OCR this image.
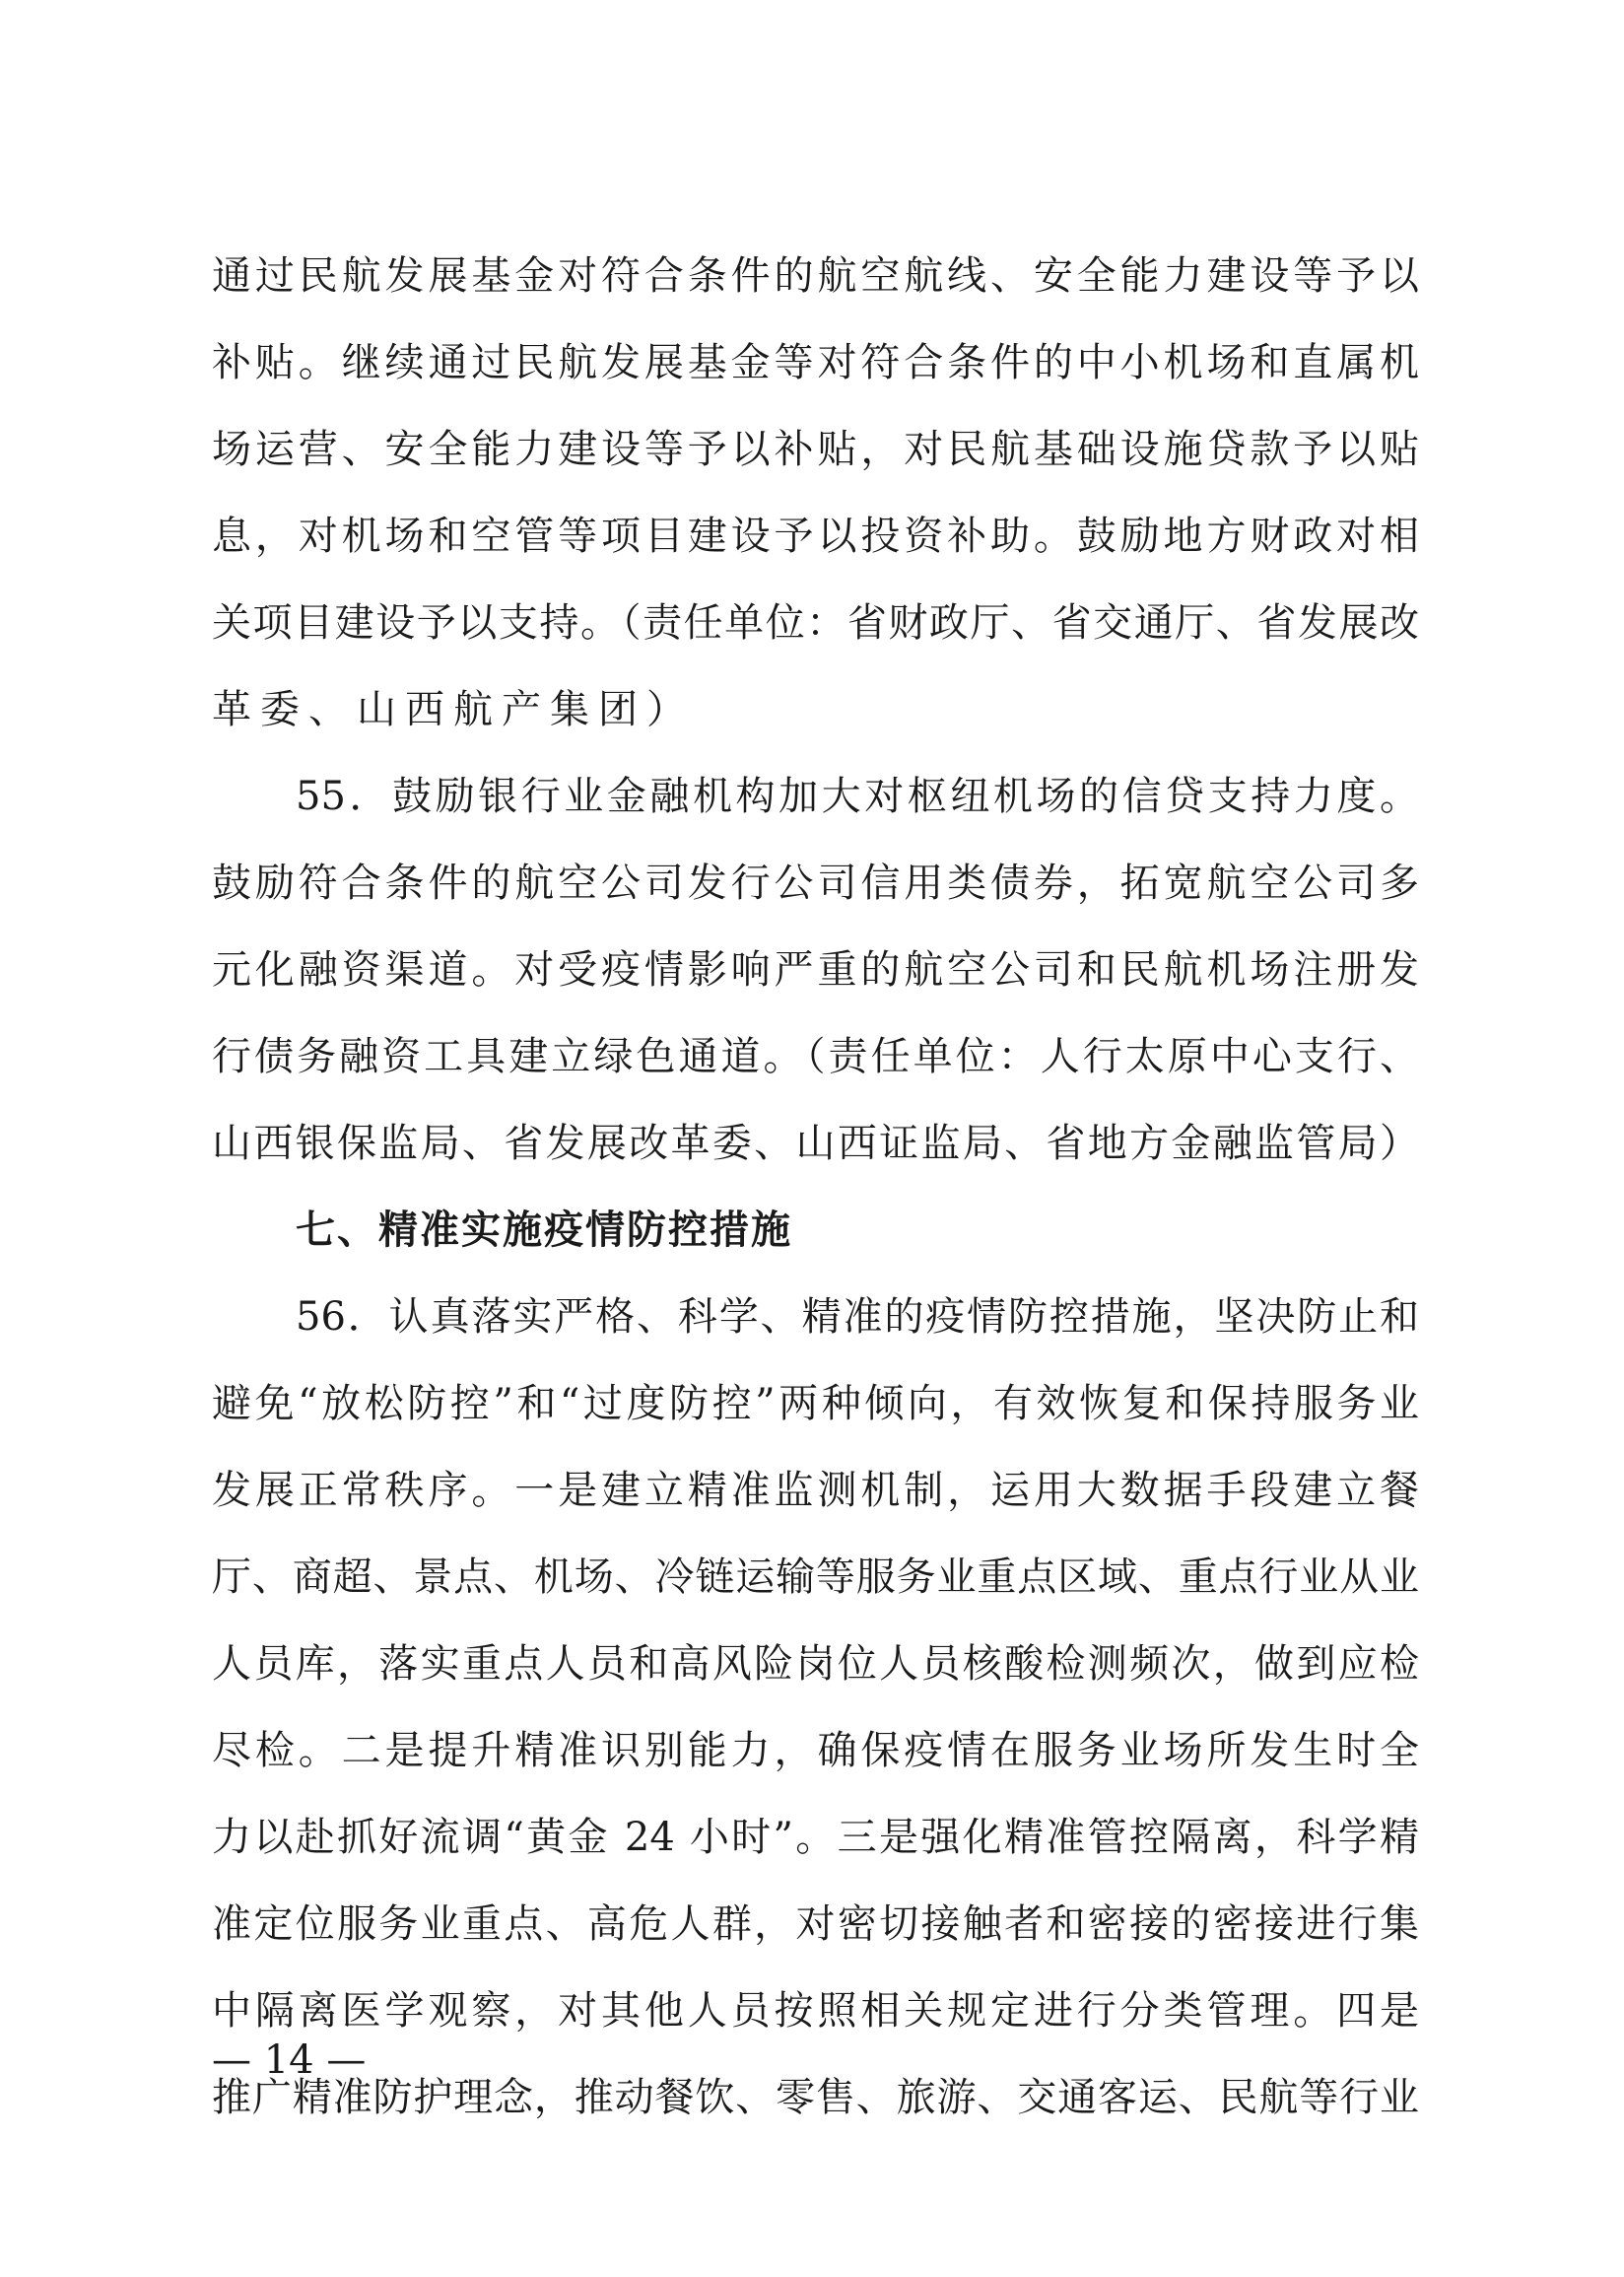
通过民航发展基金对符合条件的航空航线、安全能力建设等予以
补贴。继续通过民航发展基金等对符合条件的中小机场和直属机
场运营、安全能力建设等予以补贴，对民航基础设施贷款予以贴
息，对机场和空管等项目建设予以投资补助。鼓励地方财政对相
关项目建设予以支持。（责任单位：省财政厅、省交通厅、省发展改
革委、山西航产集团）
55．鼓励银行业金融机构加大对枢纽机场的信贷支持力度。
鼓励符合条件的航空公司发行公司信用类债券，拓宽航空公司多
元化融资渠道。对受疫情影响严重的航空公司和民航机场注册发
行债务融资工具建立绿色通道。（责任单位：人行太原中心支行、
山西银保监局、省发展改革委、山西证监局、省地方金融监管局）
七、精准实施疫情防控措施
56．认真落实严格、科学、精准的疫情防控措施，坚决防止和
避免“放松防控”和“过度防控”两种倾向，有效恢复和保持服务业
发展正常秩序。一是建立精准监测机制，运用大数据手段建立餐
厅、商超、景点、机场、冷链运输等服务业重点区域、重点行业从业
人员库，落实重点人员和高风险岗位人员核酸检测频次，做到应检
尽检。二是提升精准识别能力，确保疫情在服务业场所发生时全
力以赴抓好流调“黄金 24 小时”。三是强化精准管控隔离，科学精
准定位服务业重点、高危人群，对密切接触者和密接的密接进行集
中隔离医学观察，对其他人员按照相关规定进行分类管理。四是
推广精准防护理念，推动餐饮、零售、旅游、交通客运、民航等行业
— 14 —
